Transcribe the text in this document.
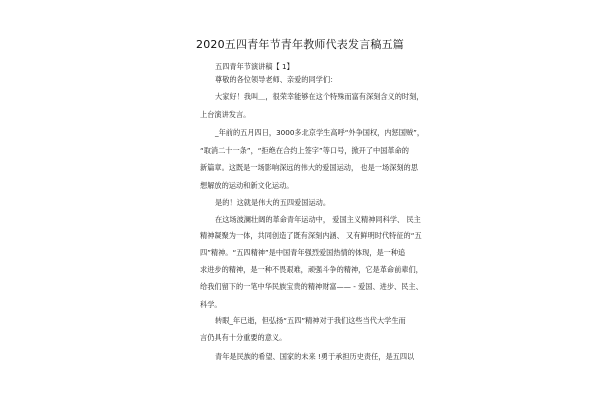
2020五四青年节青年教师代表发言稿五篇
五四青年节演讲稿【 1】
尊敬的各位领导老师、亲爱的同学们：
大家好！我叫＿，很荣幸能够在这个特殊而富有深刻含义的时刻，
上台演讲发言。
_年前的五月四日，3000多北京学生高呼“外争国权，内惩国贼”，
“取消二十一条”，“拒绝在合约上签字”等口号，掀开了中国革命的
新篇章。这既是一场影响深远的伟大的爱国运动， 也是一场深刻的思
想解放的运动和新文化运动。
是的！这就是伟大的五四爱国运动。
在这场波澜壮阔的革命青年运动中， 爱国主义精神同科学、 民主
精神凝聚为一体，共同创造了既有深刻内涵、 又有鲜明时代特征的“五
四”精神。“五四精神”是中国青年强烈爱国热情的体现，是一种追
求进步的精神，是一种不畏艰难，顽强斗争的精神，它是革命前辈们，
给我们留下的一笔中华民族宝贵的精神财富—— - 爱国、进步、民主、
科学。
转眼_年已逝，但弘扬“五四”精神对于我们这些当代大学生而
言仍具有十分重要的意义。
青年是民族的希望、国家的未来 !勇于承担历史责任，是五四以
